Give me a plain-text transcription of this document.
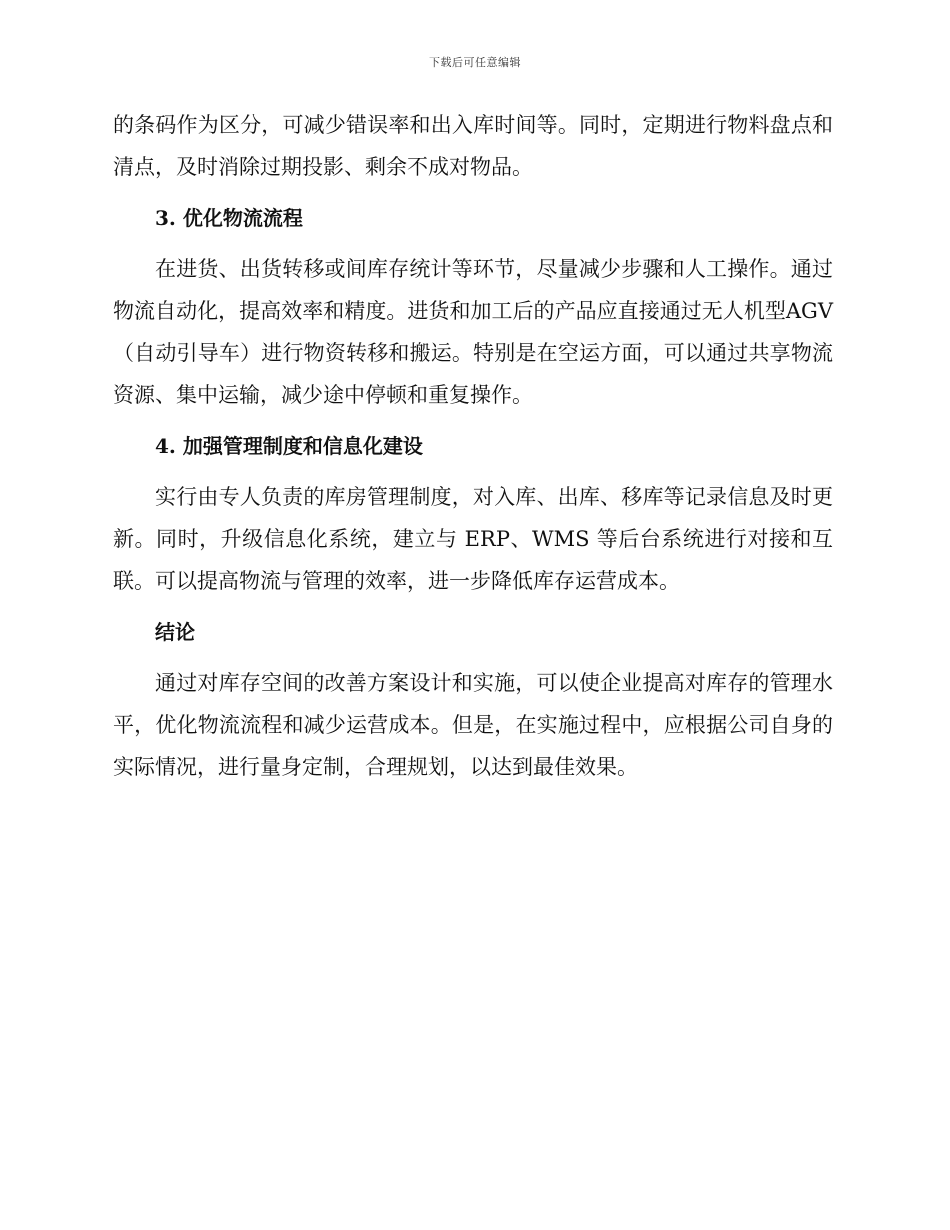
下载后可任意编辑

的条码作为区分，可减少错误率和出入库时间等。同时，定期进行物料盘点和清点，及时消除过期投影、剩余不成对物品。

3. 优化物流流程

在进货、出货转移或间库存统计等环节，尽量减少步骤和人工操作。通过物流自动化，提高效率和精度。进货和加工后的产品应直接通过无人机型AGV（自动引导车）进行物资转移和搬运。特别是在空运方面，可以通过共享物流资源、集中运输，减少途中停顿和重复操作。

4. 加强管理制度和信息化建设

实行由专人负责的库房管理制度，对入库、出库、移库等记录信息及时更新。同时，升级信息化系统，建立与 ERP、WMS 等后台系统进行对接和互联。可以提高物流与管理的效率，进一步降低库存运营成本。

结论

通过对库存空间的改善方案设计和实施，可以使企业提高对库存的管理水平，优化物流流程和减少运营成本。但是，在实施过程中，应根据公司自身的实际情况，进行量身定制，合理规划，以达到最佳效果。
